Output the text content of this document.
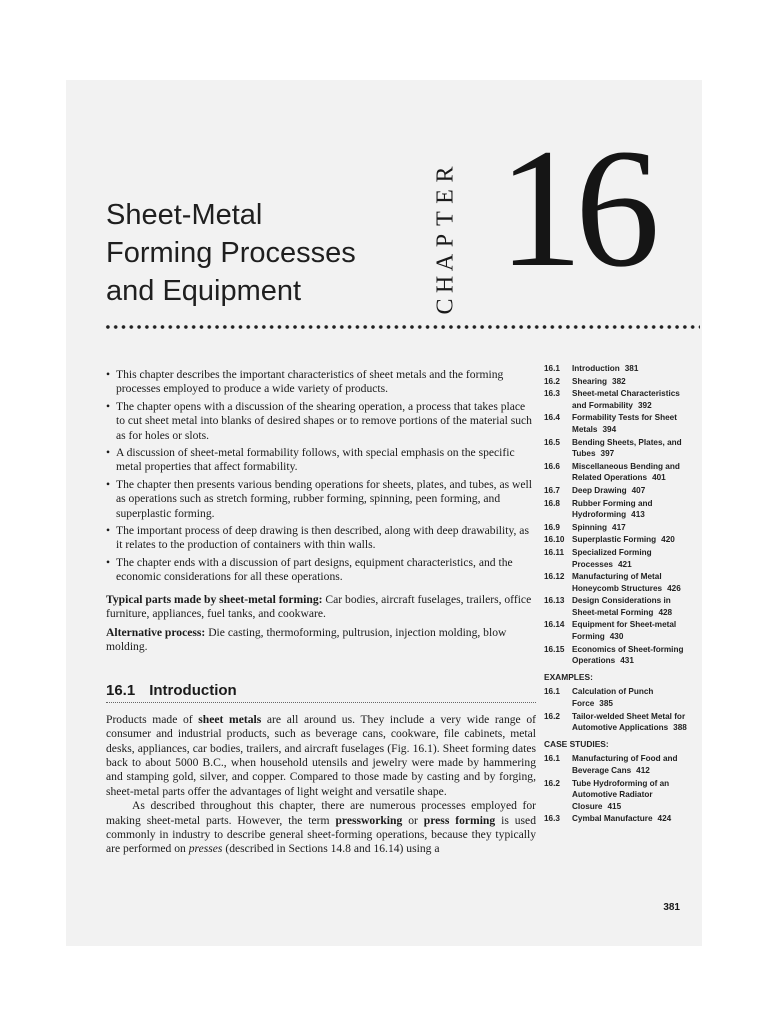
Sheet-Metal
Forming Processes
and Equipment	C
H
A
P
T
E
R 16
• This chapter describes the important characteristics of sheet metals and the forming processes employed to produce a wide variety of products.
• The chapter opens with a discussion of the shearing operation, a process that takes place to cut sheet metal into blanks of desired shapes or to remove portions of the material such as for holes or slots.
• A discussion of sheet-metal formability follows, with special emphasis on the specific metal properties that affect formability.
• The chapter then presents various bending operations for sheets, plates, and tubes, as well as operations such as stretch forming, rubber forming, spinning, peen forming, and superplastic forming.
• The important process of deep drawing is then described, along with deep drawability, as it relates to the production of containers with thin walls.
• The chapter ends with a discussion of part designs, equipment characteristics, and the economic considerations for all these operations.

Typical parts made by sheet-metal forming: Car bodies, aircraft fuselages, trailers, office furniture, appliances, fuel tanks, and cookware.

Alternative process: Die casting, thermoforming, pultrusion, injection molding, blow molding.

16.1 Introduction

Products made of sheet metals are all around us. They include a very wide range of consumer and industrial products, such as beverage cans, cookware, file cabinets, metal desks, appliances, car bodies, trailers, and aircraft fuselages (Fig. 16.1). Sheet forming dates back to about 5000 B.C., when household utensils and jewelry were made by hammering and stamping gold, silver, and copper. Compared to those made by casting and by forging, sheet-metal parts offer the advantages of light weight and versatile shape.

As described throughout this chapter, there are numerous processes employed for making sheet-metal parts. However, the term pressworking or press forming is used commonly in industry to describe general sheet-forming operations, because they typically are performed on presses (described in Sections 14.8 and 16.14) using a

16.1	Introduction 381
16.2	Shearing 382
16.3	Sheet-metal Characteristics and Formability 392
16.4	Formability Tests for Sheet Metals 394
16.5	Bending Sheets, Plates, and Tubes 397
16.6	Miscellaneous Bending and Related Operations 401
16.7	Deep Drawing 407
16.8	Rubber Forming and Hydroforming 413
16.9	Spinning 417
16.10 Superplastic Forming 420
16.11 Specialized Forming Processes 421
16.12 Manufacturing of Metal Honeycomb Structures 426
16.13 Design Considerations in Sheet-metal Forming 428
16.14 Equipment for Sheet-metal Forming 430
16.15 Economics of Sheet-forming Operations 431
EXAMPLES:
16.1	Calculation of Punch Force 385
16.2	Tailor-welded Sheet Metal for Automotive Applications 388
CASE STUDIES:
16.1	Manufacturing of Food and Beverage Cans 412
16.2	Tube Hydroforming of an Automotive Radiator Closure 415
16.3	Cymbal Manufacture 424
381
